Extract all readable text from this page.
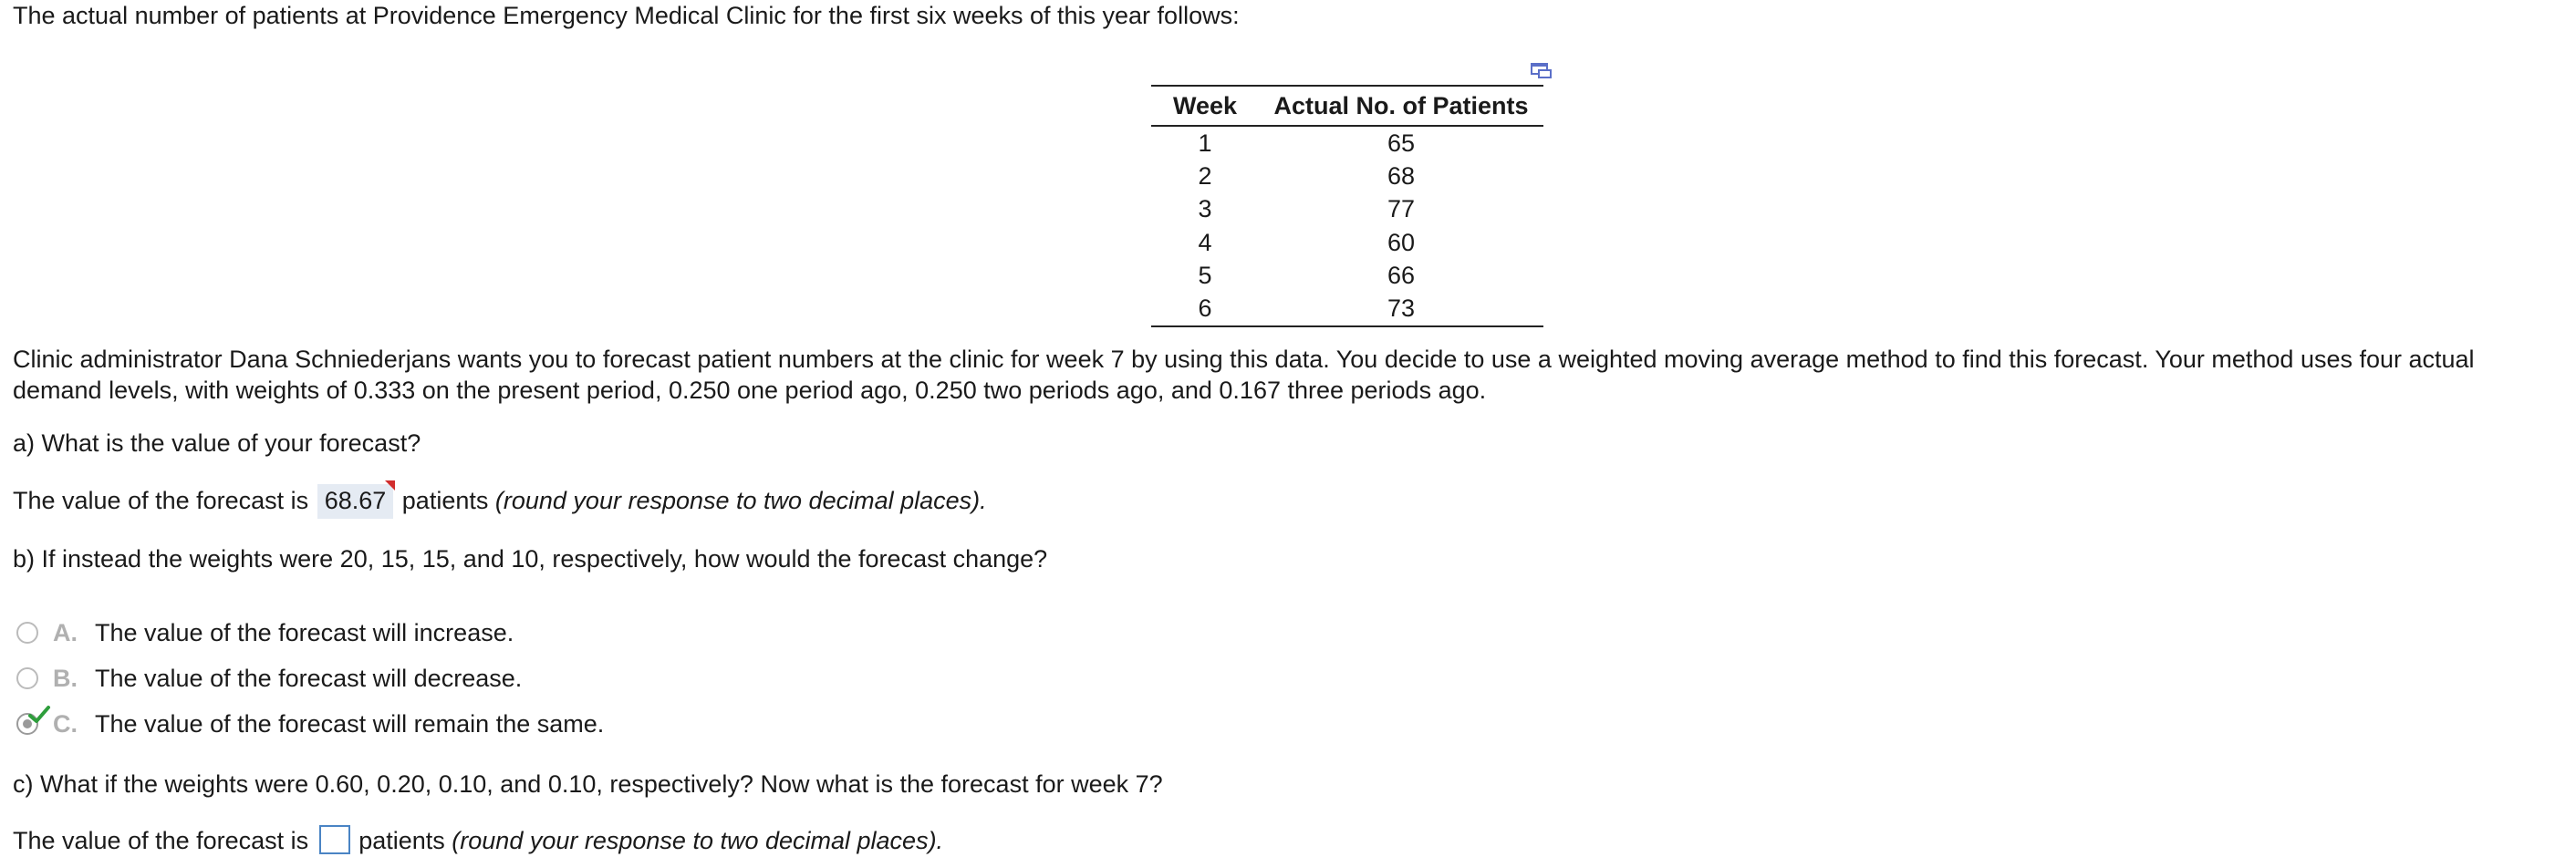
The actual number of patients at Providence Emergency Medical Clinic for the first six weeks of this year follows:
Week	Actual No. of Patients
1	65
2	68
3	77
4	60
5	66
6	73
Clinic administrator Dana Schniederjans wants you to forecast patient numbers at the clinic for week 7 by using this data. You decide to use a weighted moving average method to find this forecast. Your method uses four actual demand levels, with weights of 0.333 on the present period, 0.250 one period ago, 0.250 two periods ago, and 0.167 three periods ago.
a) What is the value of your forecast?
The value of the forecast is 68.67 patients (round your response to two decimal places).
b) If instead the weights were 20, 15, 15, and 10, respectively, how would the forecast change?
A. The value of the forecast will increase.
B. The value of the forecast will decrease.
C. The value of the forecast will remain the same.
c) What if the weights were 0.60, 0.20, 0.10, and 0.10, respectively? Now what is the forecast for week 7?
The value of the forecast is patients (round your response to two decimal places).
